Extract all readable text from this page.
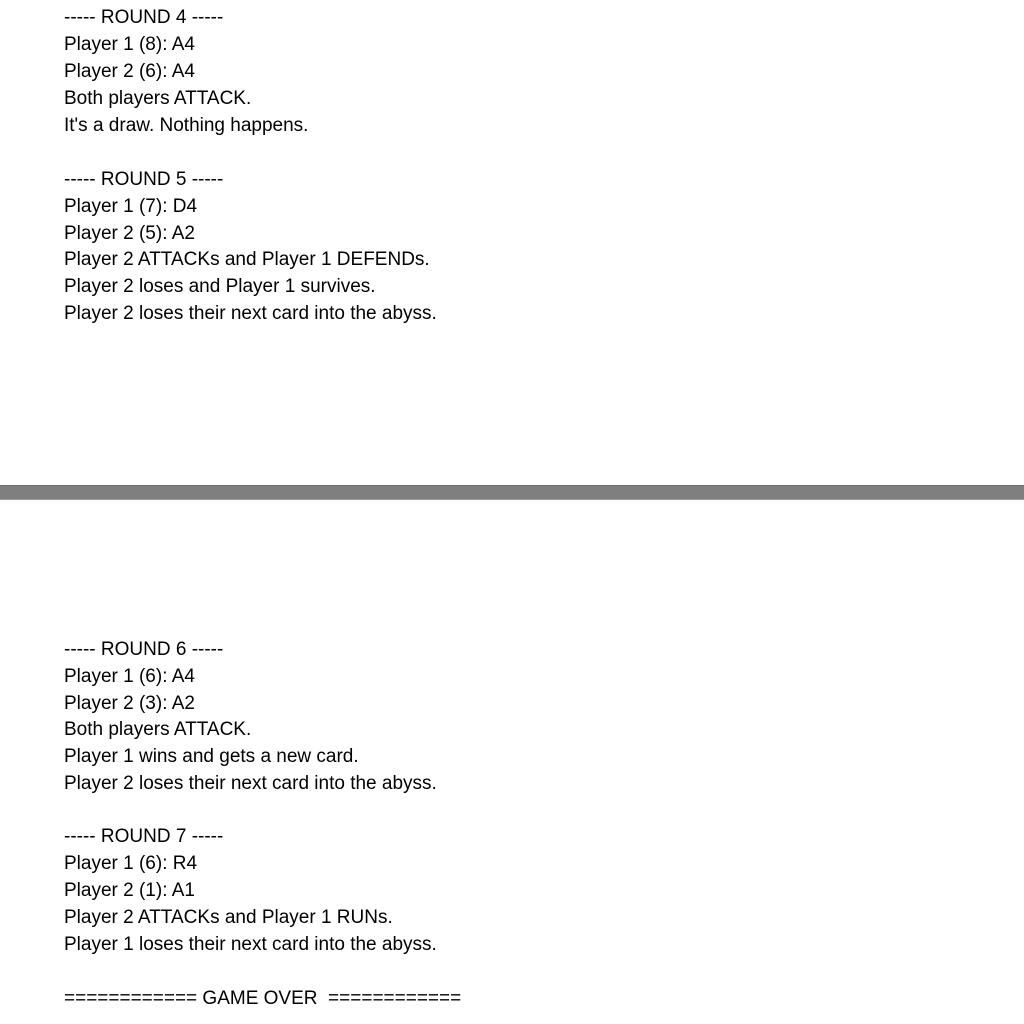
----- ROUND 4 -----

Player 1 (8): A4

Player 2 (6): A4

Both players ATTACK.

It's a draw. Nothing happens.

----- ROUND 5 -----

Player 1 (7): D4

Player 2 (5): A2

Player 2 ATTACKs and Player 1 DEFENDs.

Player 2 loses and Player 1 survives.

Player 2 loses their next card into the abyss.

----- ROUND 6 -----

Player 1 (6): A4

Player 2 (3): A2

Both players ATTACK.

Player 1 wins and gets a new card.

Player 2 loses their next card into the abyss.

----- ROUND 7 -----

Player 1 (6): R4

Player 2 (1): A1

Player 2 ATTACKs and Player 1 RUNs.

Player 1 loses their next card into the abyss.

============ GAME OVER  ============
